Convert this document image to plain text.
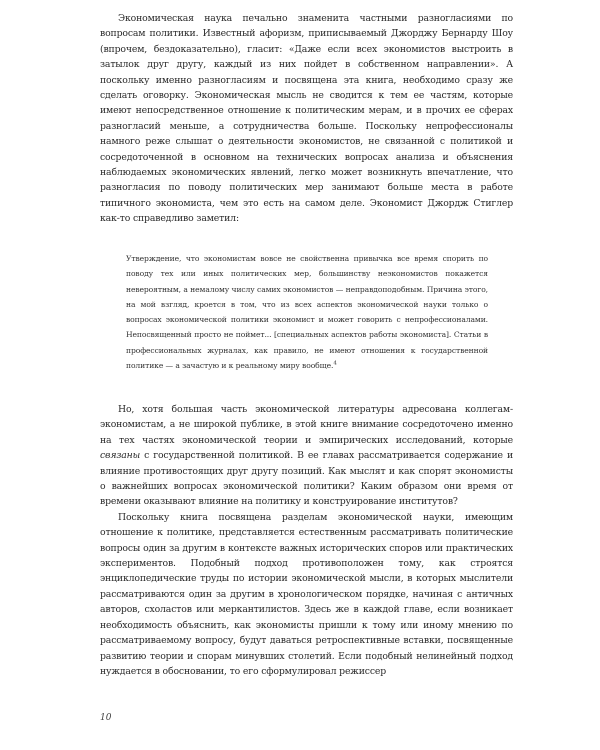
Экономическая наука печально знаменита частными разногласиями по вопросам политики. Известный афоризм, приписываемый Джорджу Бернарду Шоу (впрочем, бездоказательно), гласит: «Даже если всех экономистов выстроить в затылок друг другу, каждый из них пойдет в собственном направлении». А поскольку именно разногласиям и посвящена эта книга, необходимо сразу же сделать оговорку. Экономическая мысль не сводится к тем ее частям, которые имеют непосредственное отношение к политическим мерам, и в прочих ее сферах разногласий меньше, а сотрудничества больше. Поскольку непрофессионалы намного реже слышат о деятельности экономистов, не связанной с политикой и сосредоточенной в основном на технических вопросах анализа и объяснения наблюдаемых экономических явлений, легко может возникнуть впечатление, что разногласия по поводу политических мер занимают больше места в работе типичного экономиста, чем это есть на самом деле. Экономист Джордж Стиглер как-то справедливо заметил:

Утверждение, что экономистам вовсе не свойственна привычка все время спорить по поводу тех или иных политических мер, большинству неэкономистов покажется невероятным, а немалому числу самих экономистов — неправдоподобным. Причина этого, на мой взгляд, кроется в том, что из всех аспектов экономической науки только о вопросах экономической политики экономист и может говорить с непрофессионалами. Непосвященный просто не поймет... [специальных аспектов работы экономиста]. Статьи в профессиональных журналах, как правило, не имеют отношения к государственной политике — а зачастую и к реальному миру вообще.$^4$

Но, хотя большая часть экономической литературы адресована коллегам-экономистам, а не широкой публике, в этой книге внимание сосредоточено именно на тех частях экономической теории и эмпирических исследований, которые связаны с государственной политикой. В ее главах рассматривается содержание и влияние противостоящих друг другу позиций. Как мыслят и как спорят экономисты о важнейших вопросах экономической политики? Каким образом они время от времени оказывают влияние на политику и конструирование институтов?

Поскольку книга посвящена разделам экономической науки, имеющим отношение к политике, представляется естественным рассматривать политические вопросы один за другим в контексте важных исторических споров или практических экспериментов. Подобный подход противоположен тому, как строятся энциклопедические труды по истории экономической мысли, в которых мыслители рассматриваются один за другим в хронологическом порядке, начиная с античных авторов, схоластов или меркантилистов. Здесь же в каждой главе, если возникает необходимость объяснить, как экономисты пришли к тому или иному мнению по рассматриваемому вопросу, будут даваться ретроспективные вставки, посвященные развитию теории и спорам минувших столетий. Если подобный нелинейный подход нуждается в обосновании, то его сформулировал режиссер

10
